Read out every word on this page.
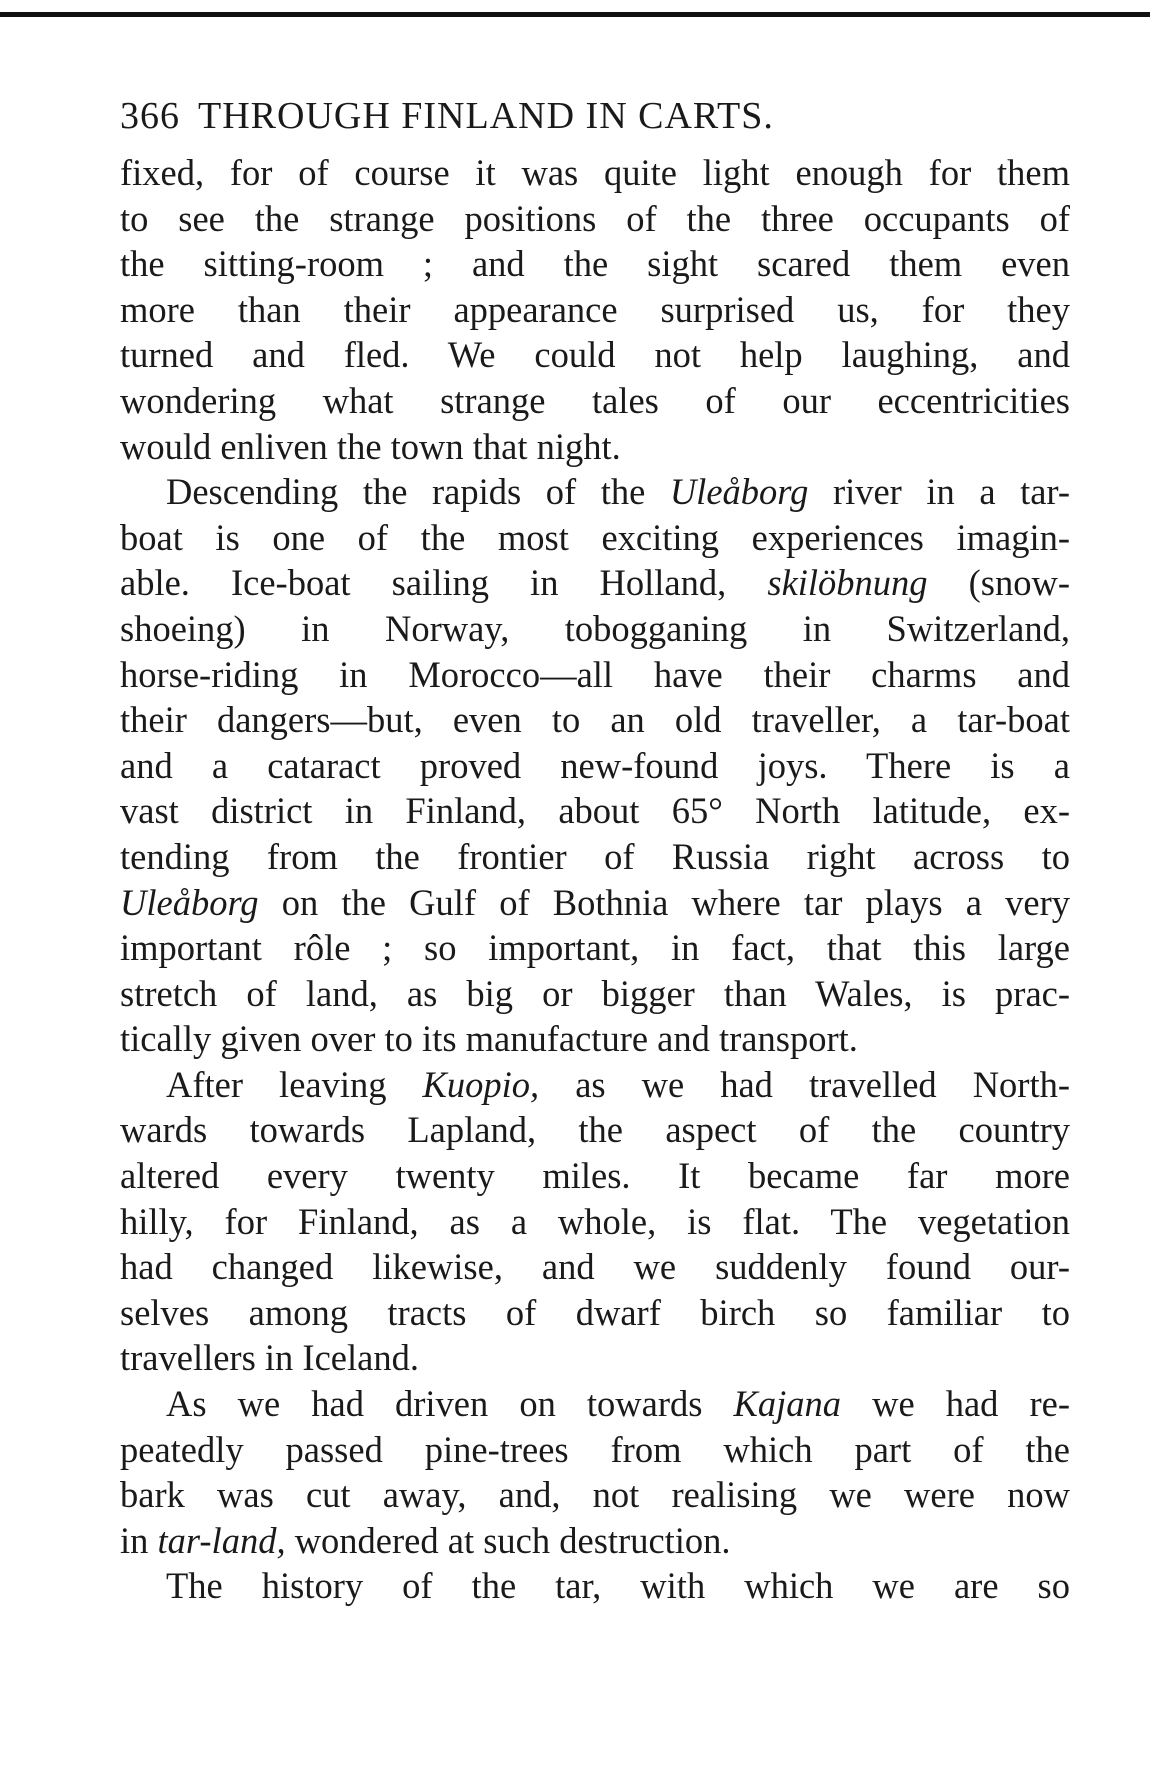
366 THROUGH FINLAND IN CARTS.
fixed, for of course it was quite light enough for them
to see the strange positions of the three occupants of
the sitting-room ; and the sight scared them even
more than their appearance surprised us, for they
turned and fled. We could not help laughing, and
wondering what strange tales of our eccentricities
would enliven the town that night.
Descending the rapids of the Uleåborg river in a tar-
boat is one of the most exciting experiences imagin-
able. Ice-boat sailing in Holland, skilöbnung (snow-
shoeing) in Norway, tobogganing in Switzerland,
horse-riding in Morocco—all have their charms and
their dangers—but, even to an old traveller, a tar-boat
and a cataract proved new-found joys. There is a
vast district in Finland, about 65° North latitude, ex-
tending from the frontier of Russia right across to
Uleåborg on the Gulf of Bothnia where tar plays a very
important rôle ; so important, in fact, that this large
stretch of land, as big or bigger than Wales, is prac-
tically given over to its manufacture and transport.
After leaving Kuopio, as we had travelled North-
wards towards Lapland, the aspect of the country
altered every twenty miles. It became far more
hilly, for Finland, as a whole, is flat. The vegetation
had changed likewise, and we suddenly found our-
selves among tracts of dwarf birch so familiar to
travellers in Iceland.
As we had driven on towards Kajana we had re-
peatedly passed pine-trees from which part of the
bark was cut away, and, not realising we were now
in tar-land, wondered at such destruction.
The history of the tar, with which we are so
